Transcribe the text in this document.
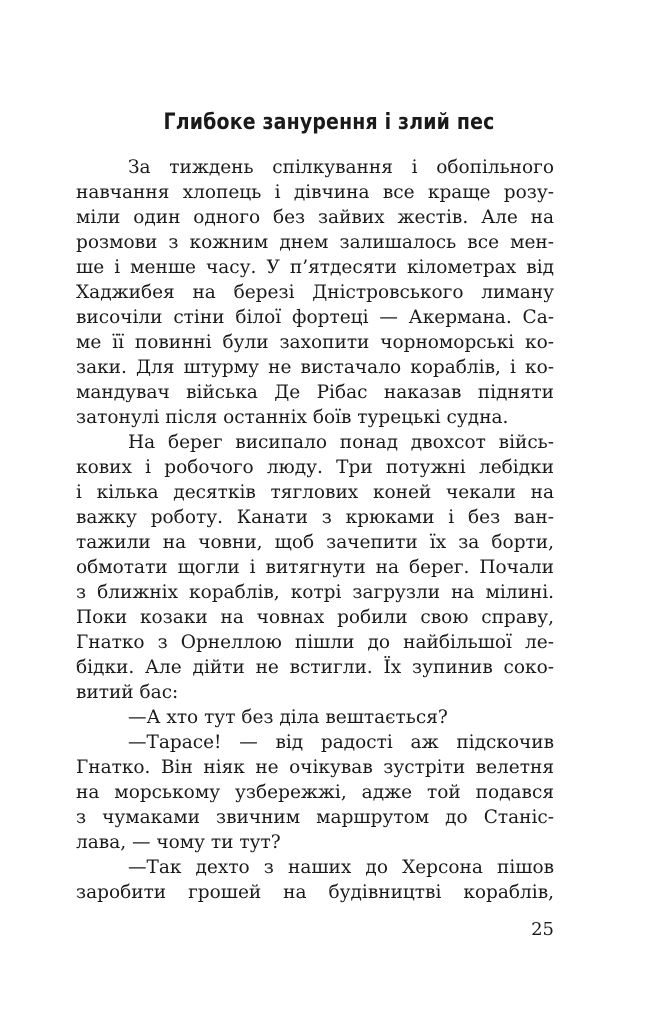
Глибоке занурення і злий пес
За тиждень спілкування і обопільного
навчання хлопець і дівчина все краще розу-
міли один одного без зайвих жестів. Але на
розмови з кожним днем залишалось все мен-
ше і менше часу. У п’ятдесяти кілометрах від
Хаджибея на березі Дністровського лиману
височіли стіни білої фортеці — Акермана. Са-
ме її повинні були захопити чорноморські ко-
заки. Для штурму не вистачало кораблів, і ко-
мандувач війська Де Рібас наказав підняти
затонулі після останніх боїв турецькі судна.
На берег висипало понад двохсот війсь-
кових і робочого люду. Три потужні лебідки
і кілька десятків тяглових коней чекали на
важку роботу. Канати з крюками і без ван-
тажили на човни, щоб зачепити їх за борти,
обмотати щогли і витягнути на берег. Почали
з ближніх кораблів, котрі загрузли на мілині.
Поки козаки на човнах робили свою справу,
Гнатко з Орнеллою пішли до найбільшої ле-
бідки. Але дійти не встигли. Їх зупинив соко-
витий бас:
—А хто тут без діла вештається?
—Тарасе! — від радості аж підскочив
Гнатко. Він ніяк не очікував зустріти велетня
на морському узбережжі, адже той подався
з чумаками звичним маршрутом до Станіс-
лава, — чому ти тут?
—Так дехто з наших до Херсона пішов
заробити грошей на будівництві кораблів,
25
